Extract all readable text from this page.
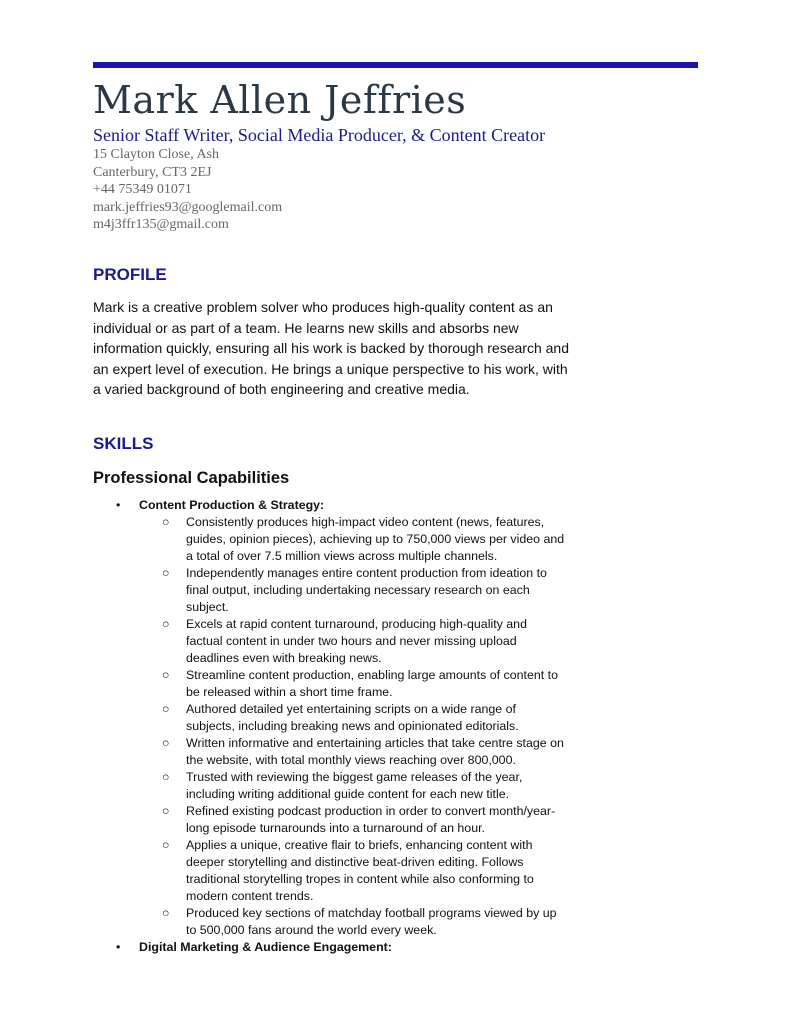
Mark Allen Jeffries
Senior Staff Writer, Social Media Producer, & Content Creator
15 Clayton Close, Ash
Canterbury, CT3 2EJ
+44 75349 01071
mark.jeffries93@googlemail.com
m4j3ffr135@gmail.com
PROFILE
Mark is a creative problem solver who produces high-quality content as an
individual or as part of a team. He learns new skills and absorbs new
information quickly, ensuring all his work is backed by thorough research and
an expert level of execution. He brings a unique perspective to his work, with
a varied background of both engineering and creative media.
SKILLS
Professional Capabilities
• Content Production & Strategy:
○ Consistently produces high-impact video content (news, features,
guides, opinion pieces), achieving up to 750,000 views per video and
a total of over 7.5 million views across multiple channels.
○ Independently manages entire content production from ideation to
final output, including undertaking necessary research on each
subject.
○ Excels at rapid content turnaround, producing high-quality and
factual content in under two hours and never missing upload
deadlines even with breaking news.
○ Streamline content production, enabling large amounts of content to
be released within a short time frame.
○ Authored detailed yet entertaining scripts on a wide range of
subjects, including breaking news and opinionated editorials.
○ Written informative and entertaining articles that take centre stage on
the website, with total monthly views reaching over 800,000.
○ Trusted with reviewing the biggest game releases of the year,
including writing additional guide content for each new title.
○ Refined existing podcast production in order to convert month/year-
long episode turnarounds into a turnaround of an hour.
○ Applies a unique, creative flair to briefs, enhancing content with
deeper storytelling and distinctive beat-driven editing. Follows
traditional storytelling tropes in content while also conforming to
modern content trends.
○ Produced key sections of matchday football programs viewed by up
to 500,000 fans around the world every week.
• Digital Marketing & Audience Engagement:
